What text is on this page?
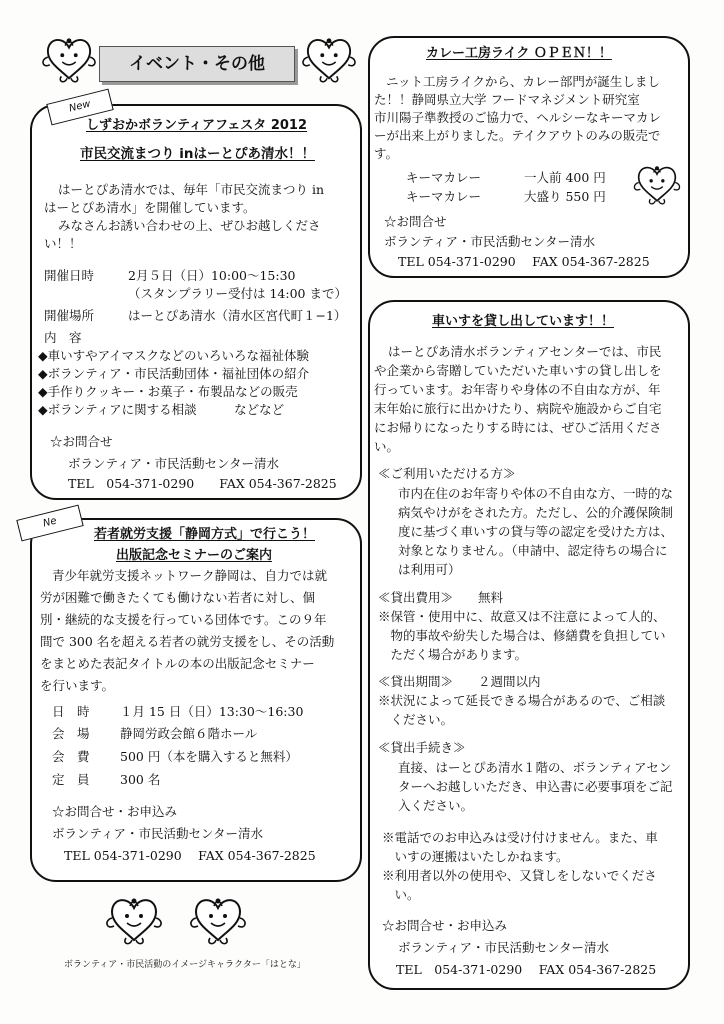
イベント・その他
New
しずおかボランティアフェスタ 2012
市民交流まつり inはーとぴあ清水！！
はーとぴあ清水では、毎年「市民交流まつり in
はーとぴあ清水」を開催しています。
みなさんお誘い合わせの上、ぜひお越しくださ
い！！
開催日時	2月５日（日）10:00～15:30
（スタンプラリー受付は 14:00 まで）
開催場所	はーとぴあ清水（清水区宮代町１−1）
内　容
◆車いすやアイマスクなどのいろいろな福祉体験
◆ボランティア・市民活動団体・福祉団体の紹介
◆手作りクッキー・お菓子・布製品などの販売
◆ボランティアに関する相談　　　などなど
☆お問合せ
ボランティア・市民活動センター清水
TEL　054-371-0290　　FAX 054-367-2825
Ne
若者就労支援「静岡方式」で行こう！
出版記念セミナーのご案内
青少年就労支援ネットワーク静岡は、自力では就
労が困難で働きたくても働けない若者に対し、個
別・継続的な支援を行っている団体です。この９年
間で 300 名を超える若者の就労支援をし、その活動
をまとめた表記タイトルの本の出版記念セミナー
を行います。
日　時 １月 15 日（日）13:30～16:30
会　場 静岡労政会館６階ホール
会　費 500 円（本を購入すると無料）
定　員 300 名
☆お問合せ・お申込み
ボランティア・市民活動センター清水
TEL 054-371-0290　 FAX 054-367-2825
ボランティア・市民活動のイメージキャラクター「はとな」
カレー工房ライク ＯＰＥＮ！！
ニット工房ライクから、カレー部門が誕生しまし
た！！静岡県立大学 フードマネジメント研究室
市川陽子準教授のご協力で、ヘルシーなキーマカレ
ーが出来上がりました。テイクアウトのみの販売で
す。
キーマカレー	一人前 400 円
キーマカレー	大盛り 550 円
☆お問合せ
ボランティア・市民活動センター清水
TEL 054-371-0290　 FAX 054-367-2825
車いすを貸し出しています！！
はーとぴあ清水ボランティアセンターでは、市民
や企業から寄贈していただいた車いすの貸し出しを
行っています。お年寄りや身体の不自由な方が、年
末年始に旅行に出かけたり、病院や施設からご自宅
にお帰りになったりする時には、ぜひご活用くださ
い。
≪ご利用いただける方≫
市内在住のお年寄りや体の不自由な方、一時的な
病気やけがをされた方。ただし、公的介護保険制
度に基づく車いすの貸与等の認定を受けた方は、
対象となりません。（申請中、認定待ちの場合に
は利用可）
≪貸出費用≫　　無料
※保管・使用中に、故意又は不注意によって人的、
　物的事故や紛失した場合は、修繕費を負担してい
　ただく場合があります。
≪貸出期間≫　　２週間以内
※状況によって延長できる場合があるので、ご相談
　ください。
≪貸出手続き≫
直接、はーとぴあ清水１階の、ボランティアセン
ターへお越しいただき、申込書に必要事項をご記
入ください。
※電話でのお申込みは受け付けません。また、車
　いすの運搬はいたしかねます。
※利用者以外の使用や、又貸しをしないでくださ
　い。
☆お問合せ・お申込み
ボランティア・市民活動センター清水
TEL　054-371-0290　 FAX 054-367-2825
